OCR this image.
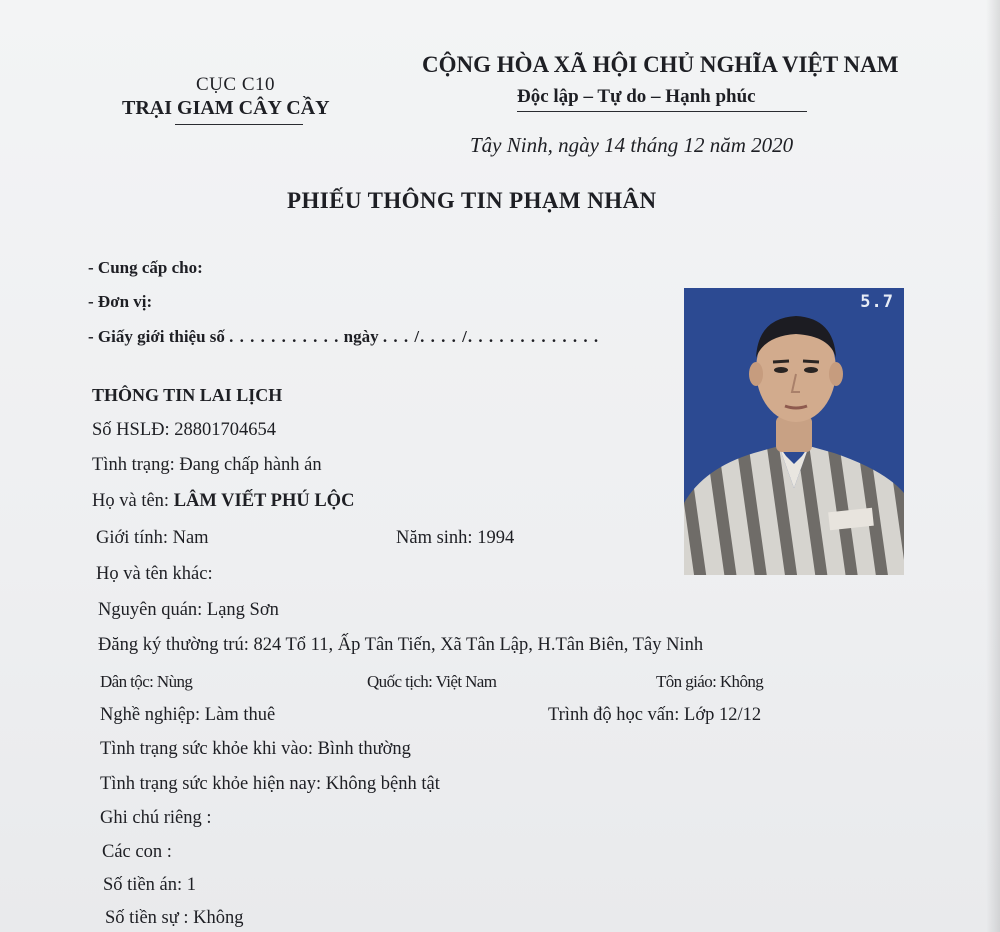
CỤC C10
TRẠI GIAM CÂY CẦY
CỘNG HÒA XÃ HỘI CHỦ NGHĨA VIỆT NAM
Độc lập – Tự do – Hạnh phúc
Tây Ninh, ngày 14 tháng 12 năm 2020
PHIẾU THÔNG TIN PHẠM NHÂN
- Cung cấp cho:
- Đơn vị:
- Giấy giới thiệu số . . . . . . . . . . . ngày . . . /. . . . /. . . . . . . . . . . . .
5.7
THÔNG TIN LAI LỊCH
Số HSLĐ: 28801704654
Tình trạng: Đang chấp hành án
Họ và tên: LÂM VIẾT PHÚ LỘC
Giới tính: Nam	Năm sinh: 1994
Họ và tên khác:
Nguyên quán: Lạng Sơn
Đăng ký thường trú: 824 Tổ 11, Ấp Tân Tiến, Xã Tân Lập, H.Tân Biên, Tây Ninh
Dân tộc: Nùng	Quốc tịch: Việt Nam	Tôn giáo: Không
Nghề nghiệp: Làm thuê	Trình độ học vấn: Lớp 12/12
Tình trạng sức khỏe khi vào: Bình thường
Tình trạng sức khỏe hiện nay: Không bệnh tật
Ghi chú riêng :
Các con :
Số tiền án: 1
Số tiền sự : Không
